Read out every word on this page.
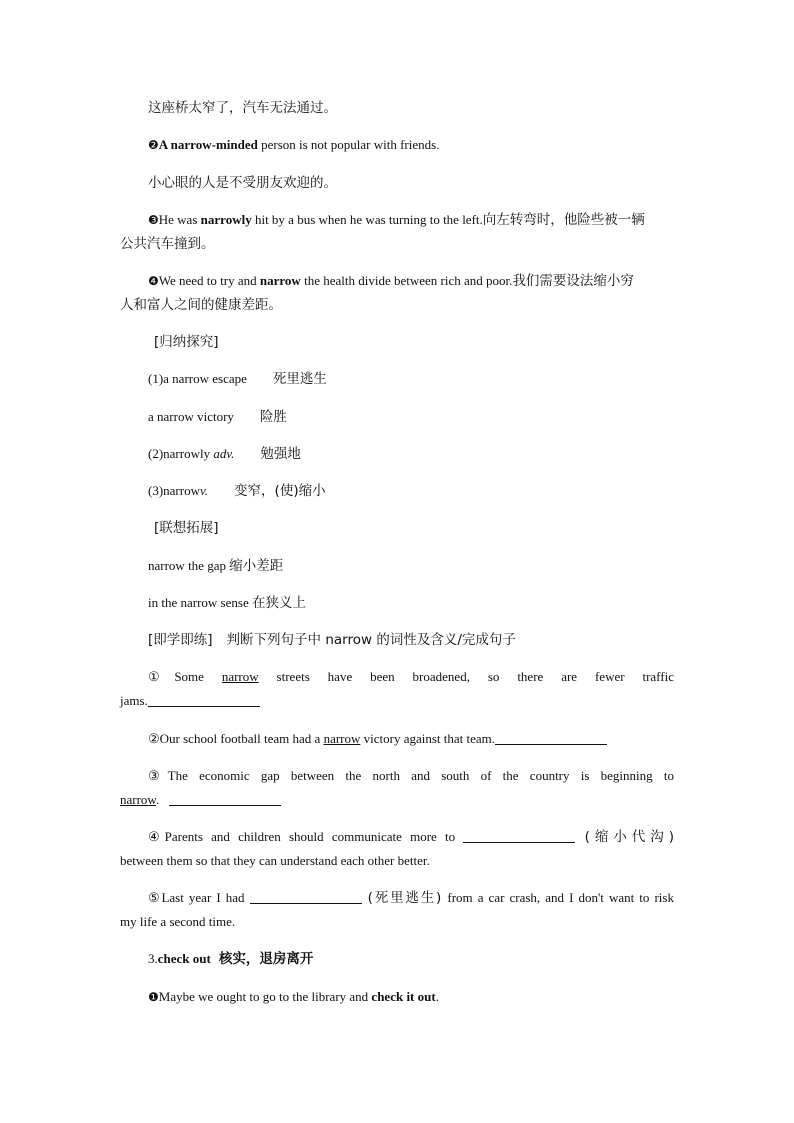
这座桥太窄了，汽车无法通过。
❷A narrow-minded person is not popular with friends.
小心眼的人是不受朋友欢迎的。
❸He was narrowly hit by a bus when he was turning to the left.向左转弯时，他险些被一辆
公共汽车撞到。
❹We need to try and narrow the health divide between rich and poor.我们需要设法缩小穷
人和富人之间的健康差距。
[归纳探究]
(1)a narrow escape 死里逃生
a narrow victory 险胜
(2)narrowly adv. 勉强地
(3)narrowv. 变窄，(使)缩小
[联想拓展]
narrow the gap 缩小差距
in the narrow sense 在狭义上
[即学即练] 判断下列句子中 narrow 的词性及含义/完成句子
①Some narrow streets have been broadened, so there are fewer traffic
jams.
②Our school football team had a narrow victory against that team.
③The economic gap between the north and south of the country is beginning to
narrow.
④Parents and children should communicate more to	(缩小代沟)
between them so that they can understand each other better.
⑤Last year I had	(死里逃生) from a car crash, and I don't want to risk
my life a second time.
3.check out 核实，退房离开
❶Maybe we ought to go to the library and check it out.
